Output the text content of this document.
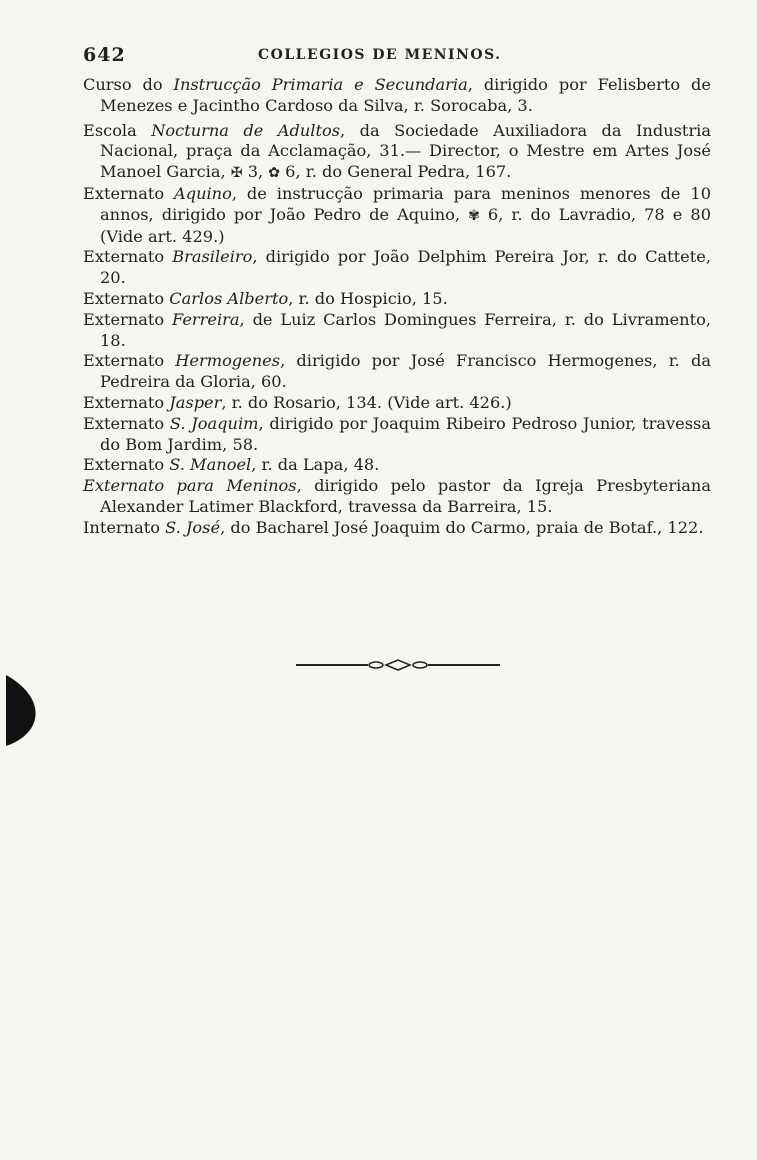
642	COLLEGIOS DE MENINOS.

Curso do Instrucção Primaria e Secundaria, dirigido por Felisberto de Menezes e Jacintho Cardoso da Silva, r. Sorocaba, 3.

Escola Nocturna de Adultos, da Sociedade Auxiliadora da Industria Nacional, praça da Acclamação, 31.— Director, o Mestre em Artes José Manoel Garcia, ✠ 3, ✿ 6, r. do General Pedra, 167.

Externato Aquino, de instrucção primaria para meninos menores de 10 annos, dirigido por João Pedro de Aquino, ✾ 6, r. do Lavradio, 78 e 80 (Vide art. 429.)

Externato Brasileiro, dirigido por João Delphim Pereira Jor, r. do Cattete, 20.

Externato Carlos Alberto, r. do Hospicio, 15.

Externato Ferreira, de Luiz Carlos Domingues Ferreira, r. do Livramento, 18.

Externato Hermogenes, dirigido por José Francisco Hermogenes, r. da Pedreira da Gloria, 60.

Externato Jasper, r. do Rosario, 134. (Vide art. 426.)

Externato S. Joaquim, dirigido por Joaquim Ribeiro Pedroso Junior, travessa do Bom Jardim, 58.

Externato S. Manoel, r. da Lapa, 48.

Externato para Meninos, dirigido pelo pastor da Igreja Presbyteriana Alexander Latimer Blackford, travessa da Barreira, 15.

Internato S. José, do Bacharel José Joaquim do Carmo, praia de Botaf., 122.
